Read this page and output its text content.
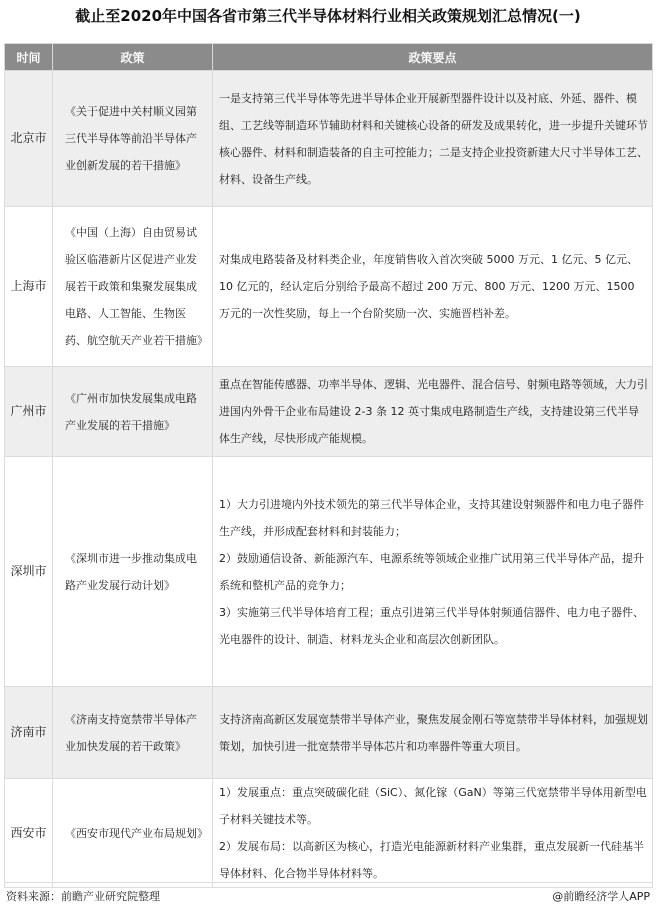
截止至2020年中国各省市第三代半导体材料行业相关政策规划汇总情况(一)
时间	政策	政策要点
北京市	《关于促进中关村顺义园第三代半导体等前沿半导体产业创新发展的若干措施》	一是支持第三代半导体等先进半导体企业开展新型器件设计以及衬底、外延、器件、模组、工艺线等制造环节辅助材料和关键核心设备的研发及成果转化，进一步提升关键环节核心器件、材料和制造装备的自主可控能力；二是支持企业投资新建大尺寸半导体工艺、材料、设备生产线。

上海市	《中国（上海）自由贸易试验区临港新片区促进产业发展若干政策和集聚发展集成电路、人工智能、生物医药、航空航天产业若干措施》	对集成电路装备及材料类企业，年度销售收入首次突破 5000 万元、1 亿元、5 亿元、10 亿元的，经认定后分别给予最高不超过 200 万元、800 万元、1200 万元、1500 万元的一次性奖励，每上一个台阶奖励一次、实施晋档补差。

广州市	《广州市加快发展集成电路产业发展的若干措施》	重点在智能传感器、功率半导体、逻辑、光电器件、混合信号、射频电路等领域，大力引进国内外骨干企业布局建设 2-3 条 12 英寸集成电路制造生产线，支持建设第三代半导体生产线，尽快形成产能规模。

深圳市	《深圳市进一步推动集成电路产业发展行动计划》	1）大力引进境内外技术领先的第三代半导体企业，支持其建设射频器件和电力电子器件生产线，并形成配套材料和封装能力；
2）鼓励通信设备、新能源汽车、电源系统等领域企业推广试用第三代半导体产品，提升系统和整机产品的竞争力；
3）实施第三代半导体培育工程；重点引进第三代半导体射频通信器件、电力电子器件、光电器件的设计、制造、材料龙头企业和高层次创新团队。

济南市	《济南支持宽禁带半导体产业加快发展的若干政策》	支持济南高新区发展宽禁带半导体产业，聚焦发展金刚石等宽禁带半导体材料，加强规划策划，加快引进一批宽禁带半导体芯片和功率器件等重大项目。

西安市	《西安市现代产业布局规划》	1）发展重点：重点突破碳化硅（SiC）、氮化镓（GaN）等第三代宽禁带半导体用新型电子材料关键技术等。
2）发展布局：以高新区为核心，打造光电能源新材料产业集群，重点发展新一代硅基半导体材料、化合物半导体材料等。
资料来源：前瞻产业研究院整理	@前瞻经济学人APP
